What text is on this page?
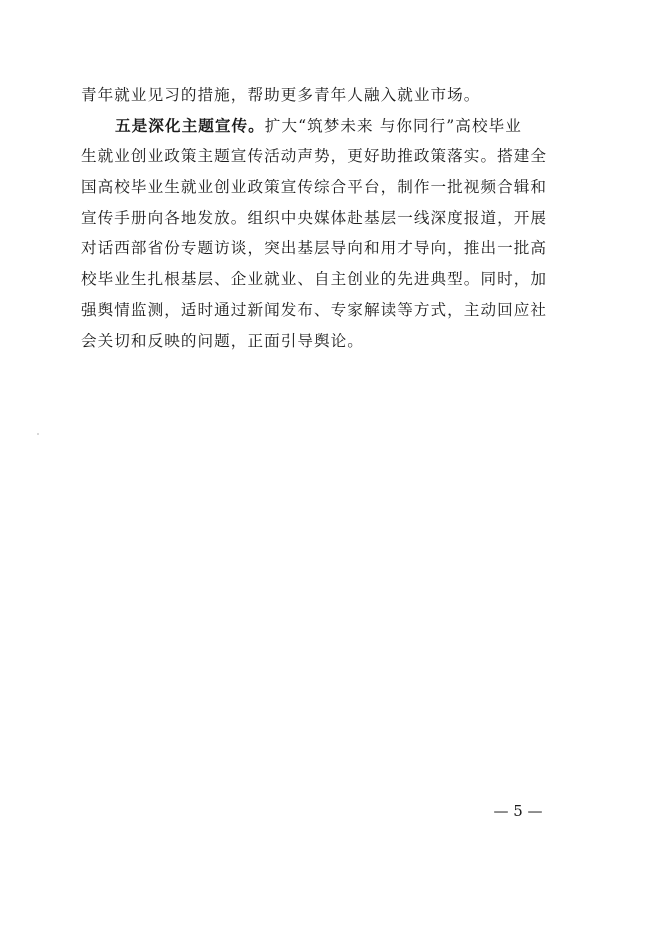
青年就业见习的措施，帮助更多青年人融入就业市场。
五是深化主题宣传。扩大“筑梦未来 与你同行”高校毕业
生就业创业政策主题宣传活动声势，更好助推政策落实。搭建全
国高校毕业生就业创业政策宣传综合平台，制作一批视频合辑和
宣传手册向各地发放。组织中央媒体赴基层一线深度报道，开展
对话西部省份专题访谈，突出基层导向和用才导向，推出一批高
校毕业生扎根基层、企业就业、自主创业的先进典型。同时，加
强舆情监测，适时通过新闻发布、专家解读等方式，主动回应社
会关切和反映的问题，正面引导舆论。
— 5 —
